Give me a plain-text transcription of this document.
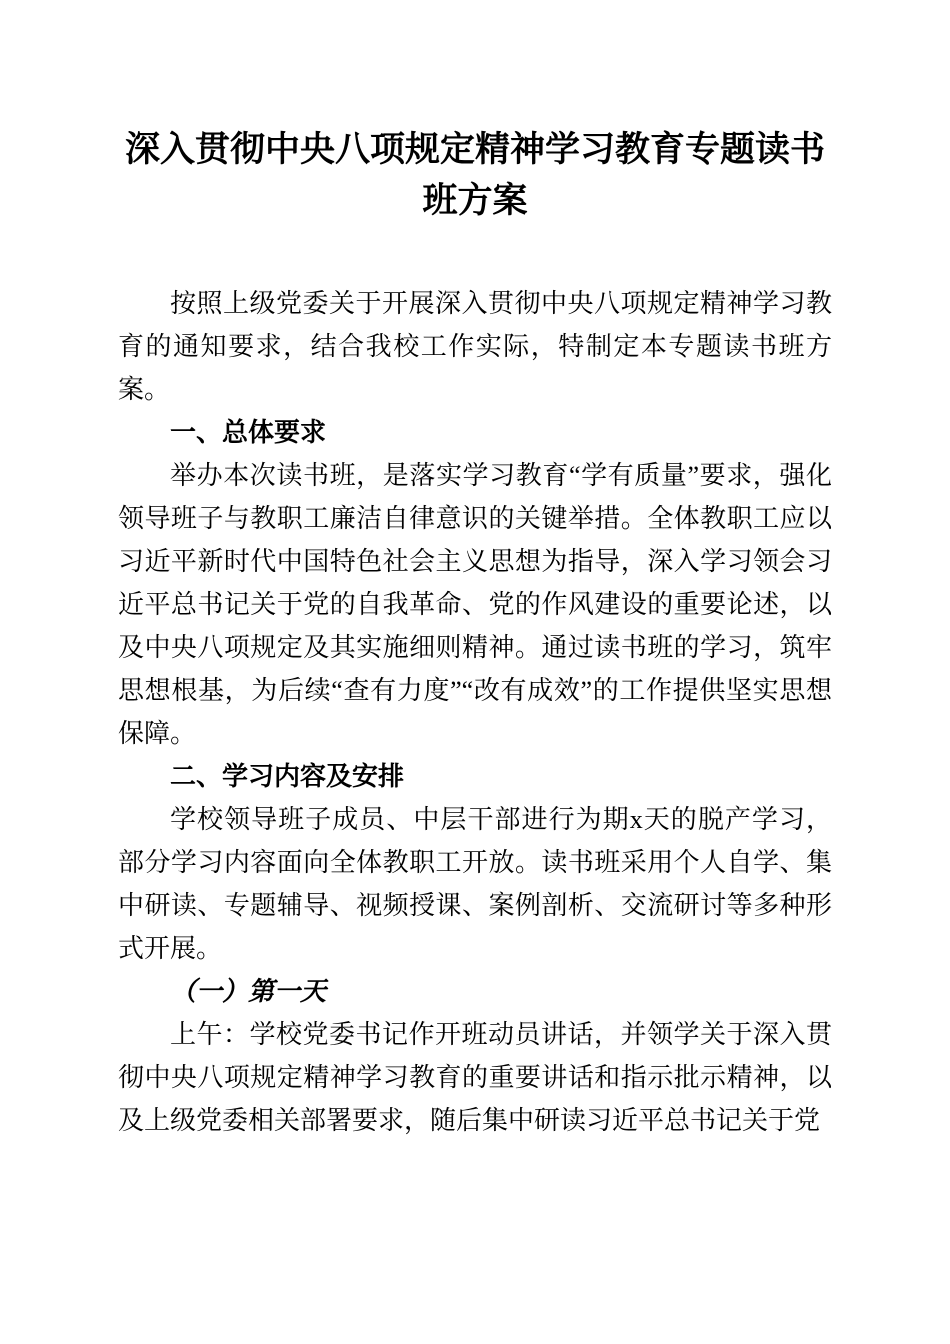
深入贯彻中央八项规定精神学习教育专题读书班方案

按照上级党委关于开展深入贯彻中央八项规定精神学习教育的通知要求，结合我校工作实际，特制定本专题读书班方案。

一、总体要求

举办本次读书班，是落实学习教育“学有质量”要求，强化领导班子与教职工廉洁自律意识的关键举措。全体教职工应以习近平新时代中国特色社会主义思想为指导，深入学习领会习近平总书记关于党的自我革命、党的作风建设的重要论述，以及中央八项规定及其实施细则精神。通过读书班的学习，筑牢思想根基，为后续“查有力度”“改有成效”的工作提供坚实思想保障。

二、学习内容及安排

学校领导班子成员、中层干部进行为期x天的脱产学习，部分学习内容面向全体教职工开放。读书班采用个人自学、集中研读、专题辅导、视频授课、案例剖析、交流研讨等多种形式开展。

（一）第一天

上午：学校党委书记作开班动员讲话，并领学关于深入贯彻中央八项规定精神学习教育的重要讲话和指示批示精神，以及上级党委相关部署要求，随后集中研读习近平总书记关于党
